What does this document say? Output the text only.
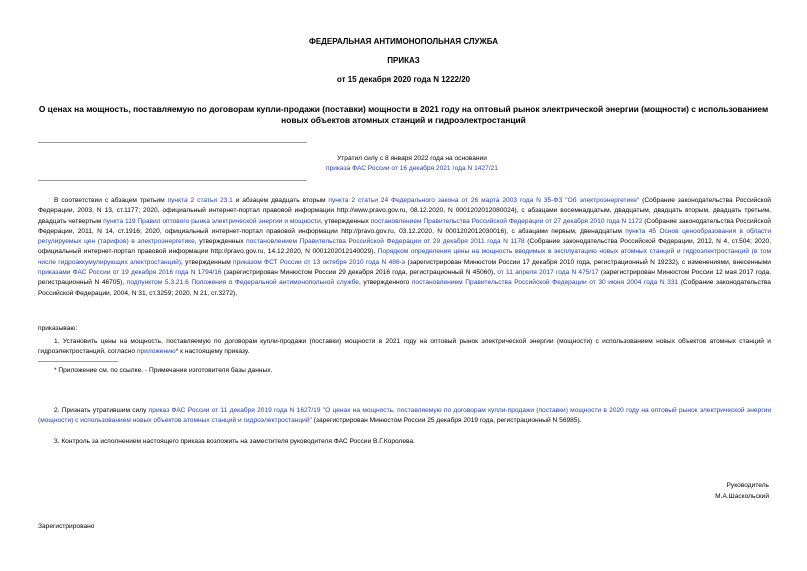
ФЕДЕРАЛЬНАЯ АНТИМОНОПОЛЬНАЯ СЛУЖБА
ПРИКАЗ
от 15 декабря 2020 года N 1222/20
О ценах на мощность, поставляемую по договорам купли-продажи (поставки) мощности в 2021 году на оптовый рынок электрической энергии (мощности) с использованием новых объектов атомных станций и гидроэлектростанций
Утратил силу с 8 января 2022 года на основании
приказа ФАС России от 16 декабря 2021 года N 1427/21
В соответствии с абзацем третьим пункта 2 статьи 23.1 и абзацем двадцать вторым пункта 2 статьи 24 Федерального закона от 26 марта 2003 года N 35-ФЗ "Об электроэнергетике" (Собрание законодательства Российской Федерации, 2003, N 13, ст.1177; 2020, официальный интернет-портал правовой информации http://www.pravo.gov.ru, 08.12.2020, N 0001202012080024), с абзацами восемнадцатым, двадцатым, двадцать вторым, двадцать третьим, двадцать четвертым пункта 119 Правил оптового рынка электрической энергии и мощности, утвержденных постановлением Правительства Российской Федерации от 27 декабря 2010 года N 1172 (Собрание законодательства Российской Федерации, 2011, N 14, ст.1916; 2020, официальный интернет-портал правовой информации http://pravo.gov.ru, 03.12.2020, N 0001202012030016), с абзацами первым, двенадцатым пункта 45 Основ ценообразования в области регулируемых цен (тарифов) в электроэнергетике, утвержденных постановлением Правительства Российской Федерации от 29 декабря 2011 года N 1178 (Собрание законодательства Российской Федерации, 2012, N 4, ст.504; 2020, официальный интернет-портал правовой информации http://pravo.gov.ru, 14.12.2020, N 0001202012140029), Порядком определения цены на мощность вводимых в эксплуатацию новых атомных станций и гидроэлектростанций (в том числе гидроаккумулирующих электростанций), утвержденным приказом ФСТ России от 13 октября 2010 года N 486-э (зарегистрирован Минюстом России 17 декабря 2010 года, регистрационный N 19232), с изменениями, внесенными приказами ФАС России от 19 декабря 2016 года N 1794/16 (зарегистрирован Минюстом России 29 декабря 2016 года, регистрационный N 45060), от 11 апреля 2017 года N 475/17 (зарегистрирован Минюстом России 12 мая 2017 года, регистрационный N 46705), подпунктом 5.3.21.6 Положения о Федеральной антимонопольной службе, утвержденного постановлением Правительства Российской Федерации от 30 июня 2004 года N 331 (Собрание законодательства Российской Федерации, 2004, N 31, ст.3259; 2020, N 21, ст.3272),
приказываю:
1. Установить цены на мощность, поставляемую по договорам купли-продажи (поставки) мощности в 2021 году на оптовый рынок электрической энергии (мощности) с использованием новых объектов атомных станций и гидроэлектростанций, согласно приложению* к настоящему приказу.
* Приложение см. по ссылке. - Примечание изготовителя базы данных.
2. Признать утратившим силу приказ ФАС России от 11 декабря 2019 года N 1627/19 "О ценах на мощность, поставляемую по договорам купли-продажи (поставки) мощности в 2020 году на оптовый рынок электрической энергии (мощности) с использованием новых объектов атомных станций и гидроэлектростанций" (зарегистрирован Минюстом России 25 декабря 2019 года, регистрационный N 56985).
3. Контроль за исполнением настоящего приказа возложить на заместителя руководителя ФАС России В.Г.Королева.
Руководитель
М.А.Шаскольский
Зарегистрировано
